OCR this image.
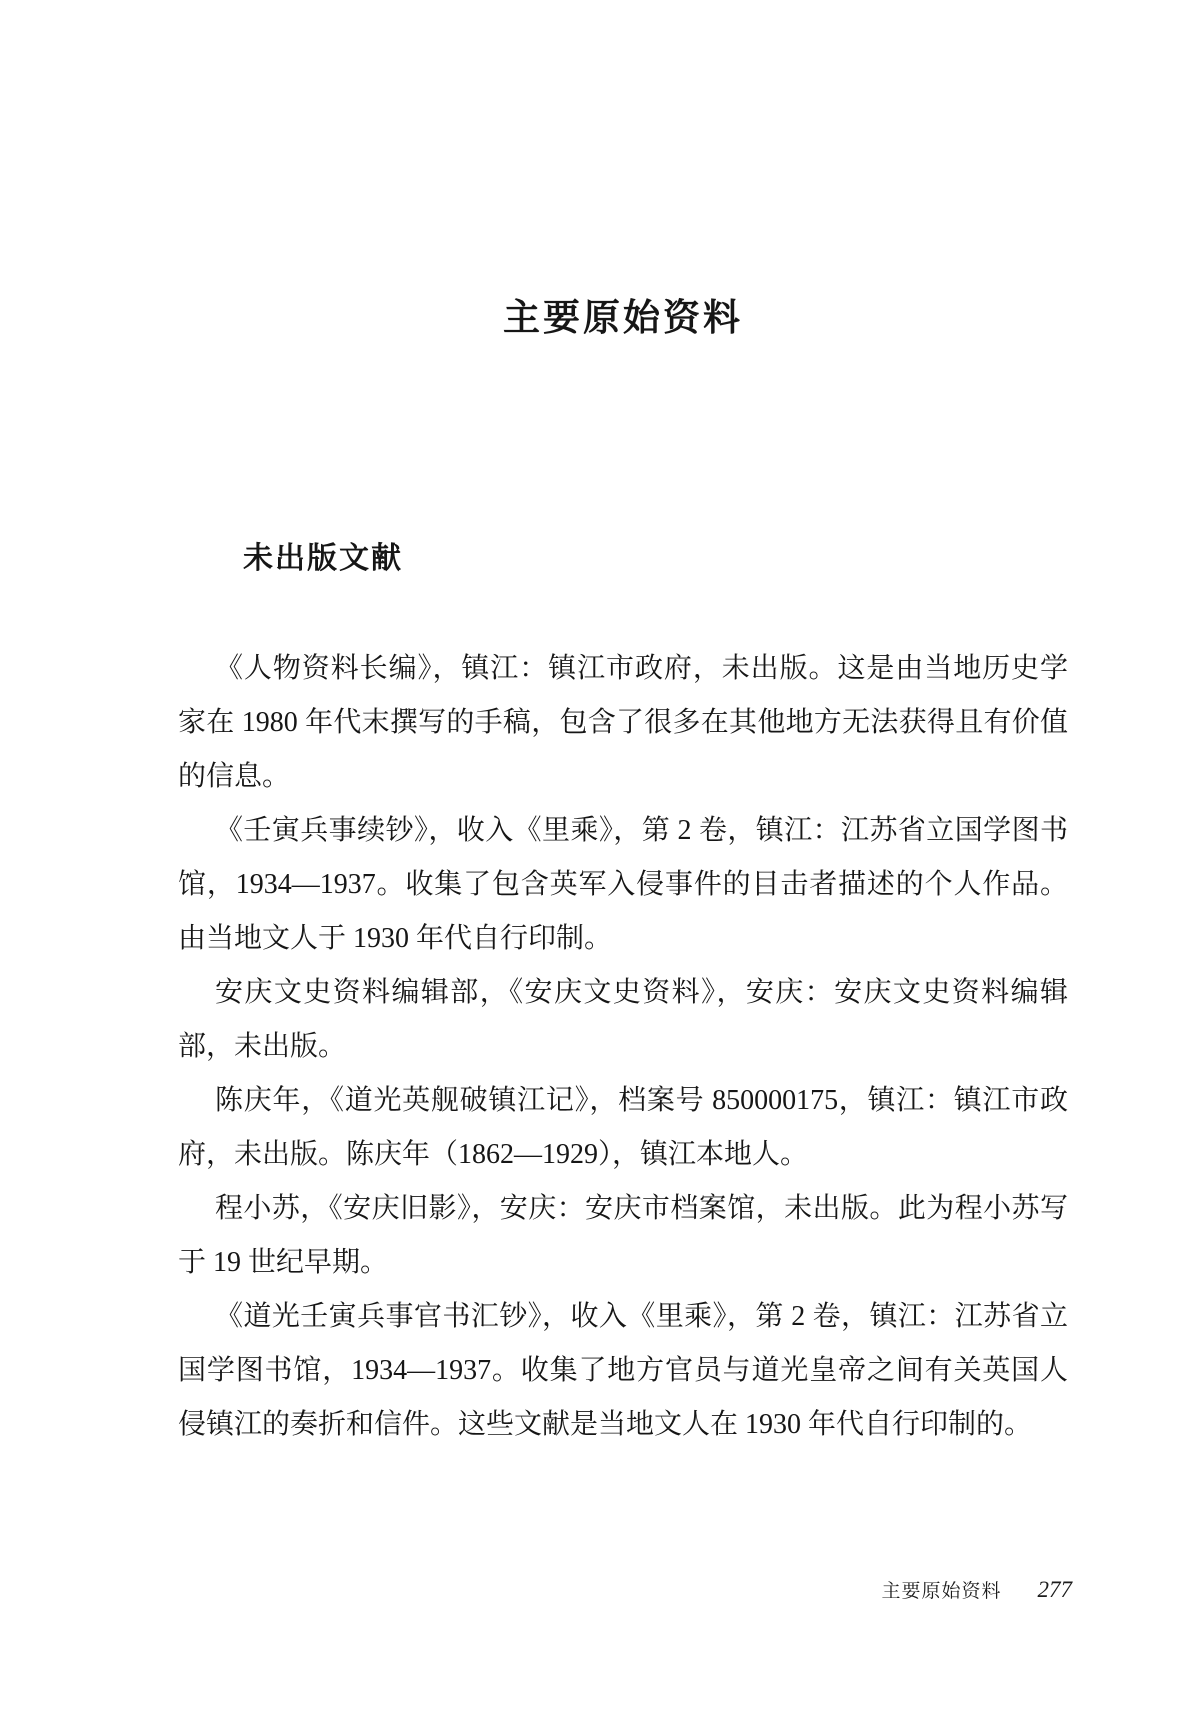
主要原始资料
未出版文献

《人物资料长编》，镇江：镇江市政府，未出版。这是由当地历史学家在 1980 年代末撰写的手稿，包含了很多在其他地方无法获得且有价值的信息。

《壬寅兵事续钞》，收入《里乘》，第 2 卷，镇江：江苏省立国学图书馆，1934—1937。收集了包含英军入侵事件的目击者描述的个人作品。由当地文人于 1930 年代自行印制。

安庆文史资料编辑部，《安庆文史资料》，安庆：安庆文史资料编辑部，未出版。

陈庆年，《道光英舰破镇江记》，档案号 850000175，镇江：镇江市政府，未出版。陈庆年（1862—1929），镇江本地人。

程小苏，《安庆旧影》，安庆：安庆市档案馆，未出版。此为程小苏写于 19 世纪早期。

《道光壬寅兵事官书汇钞》，收入《里乘》，第 2 卷，镇江：江苏省立国学图书馆，1934—1937。收集了地方官员与道光皇帝之间有关英国人侵镇江的奏折和信件。这些文献是当地文人在 1930 年代自行印制的。

主要原始资料 277
